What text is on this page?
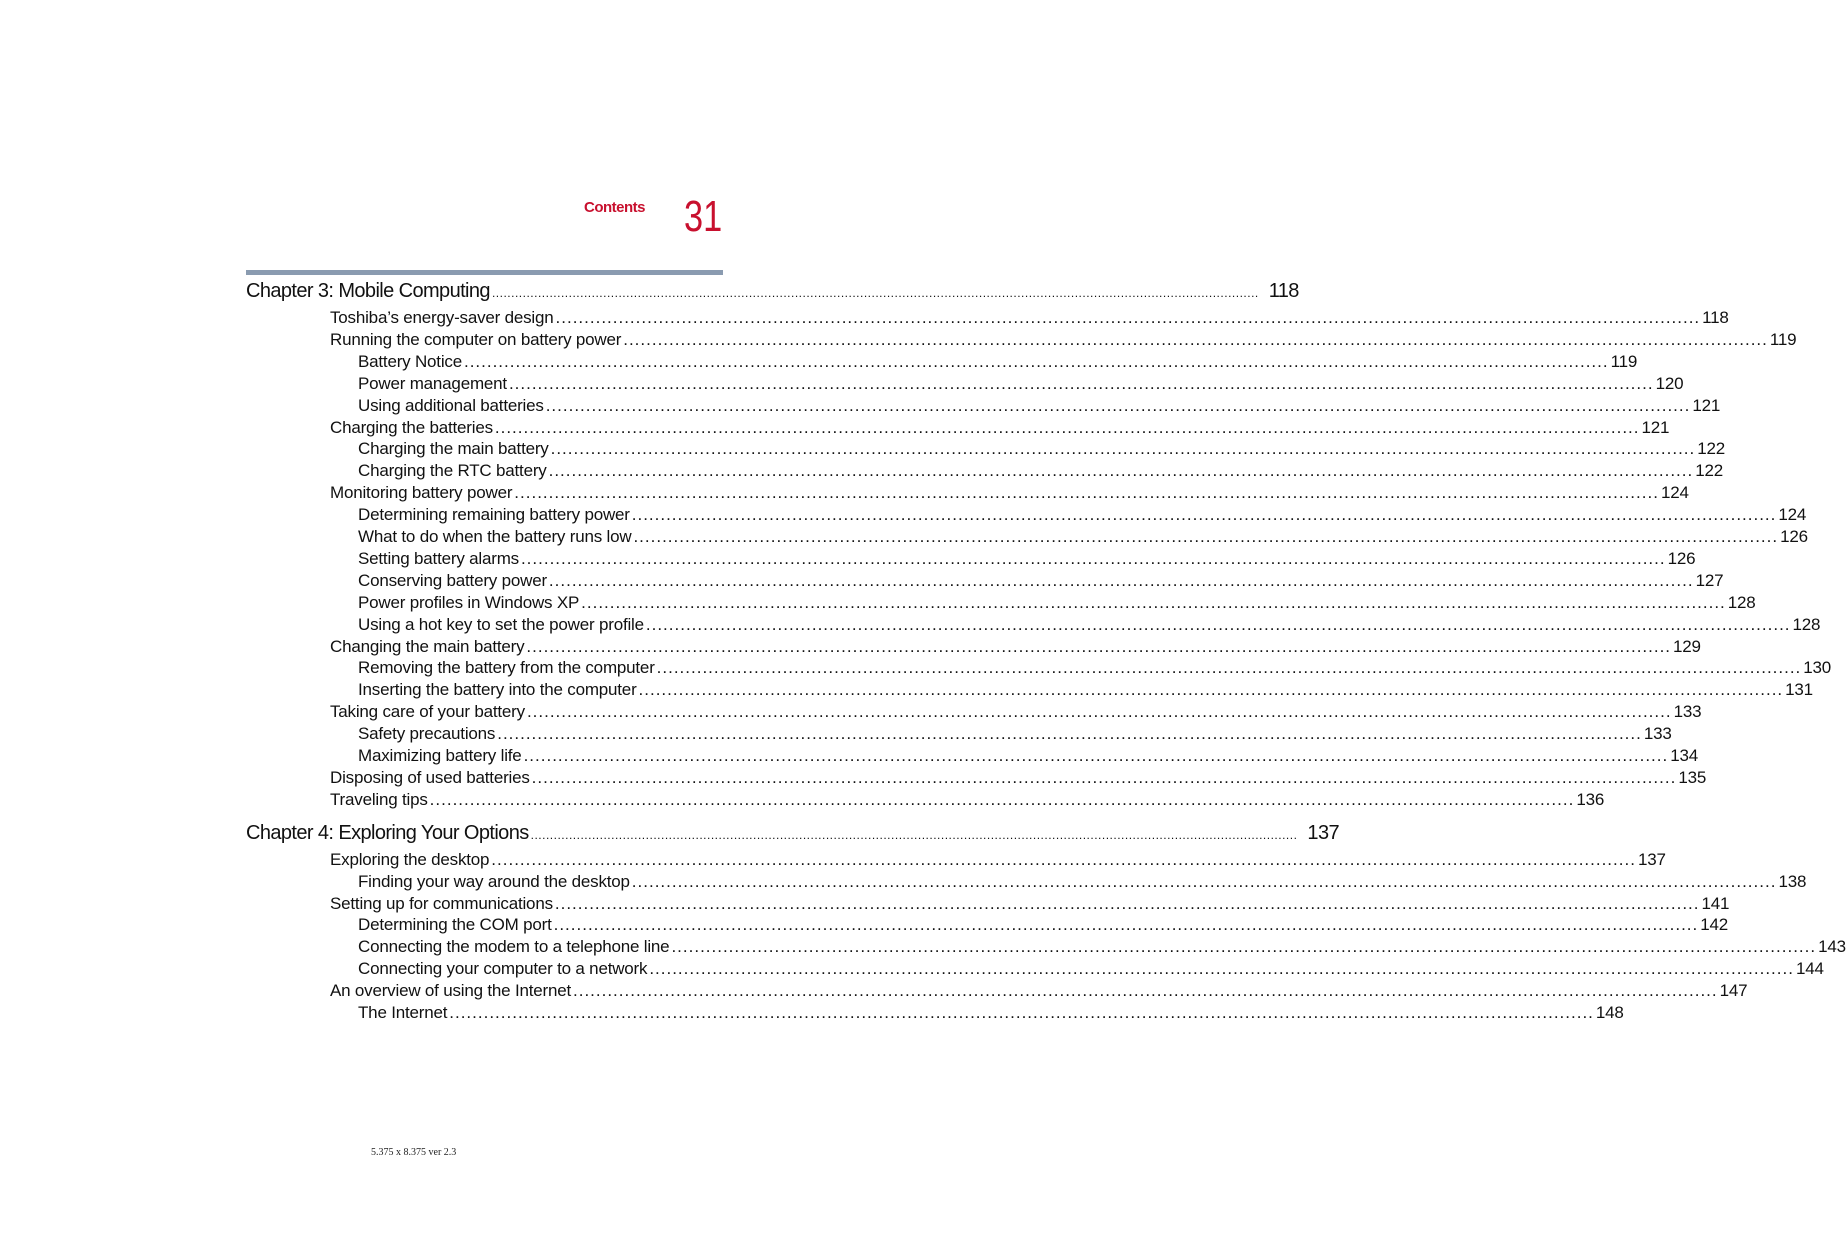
Contents 31
Chapter 3: Mobile Computing ........................................................................................................................................................................................................ 118
Toshiba’s energy-saver design ........................................................................................................................................................................................................ 118
Running the computer on battery power ........................................................................................................................................................................................................ 119
Battery Notice ........................................................................................................................................................................................................ 119
Power management ........................................................................................................................................................................................................ 120
Using additional batteries ........................................................................................................................................................................................................ 121
Charging the batteries ........................................................................................................................................................................................................ 121
Charging the main battery ........................................................................................................................................................................................................ 122
Charging the RTC battery ........................................................................................................................................................................................................ 122
Monitoring battery power ........................................................................................................................................................................................................ 124
Determining remaining battery power ........................................................................................................................................................................................................ 124
What to do when the battery runs low ........................................................................................................................................................................................................ 126
Setting battery alarms ........................................................................................................................................................................................................ 126
Conserving battery power ........................................................................................................................................................................................................ 127
Power profiles in Windows XP ........................................................................................................................................................................................................ 128
Using a hot key to set the power profile ........................................................................................................................................................................................................ 128
Changing the main battery ........................................................................................................................................................................................................ 129
Removing the battery from the computer ........................................................................................................................................................................................................ 130
Inserting the battery into the computer ........................................................................................................................................................................................................ 131
Taking care of your battery ........................................................................................................................................................................................................ 133
Safety precautions ........................................................................................................................................................................................................ 133
Maximizing battery life ........................................................................................................................................................................................................ 134
Disposing of used batteries ........................................................................................................................................................................................................ 135
Traveling tips ........................................................................................................................................................................................................ 136
Chapter 4: Exploring Your Options ........................................................................................................................................................................................................ 137
Exploring the desktop ........................................................................................................................................................................................................ 137
Finding your way around the desktop ........................................................................................................................................................................................................ 138
Setting up for communications ........................................................................................................................................................................................................ 141
Determining the COM port ........................................................................................................................................................................................................ 142
Connecting the modem to a telephone line ........................................................................................................................................................................................................ 143
Connecting your computer to a network ........................................................................................................................................................................................................ 144
An overview of using the Internet ........................................................................................................................................................................................................ 147
The Internet ........................................................................................................................................................................................................ 148
5.375 x 8.375 ver 2.3
